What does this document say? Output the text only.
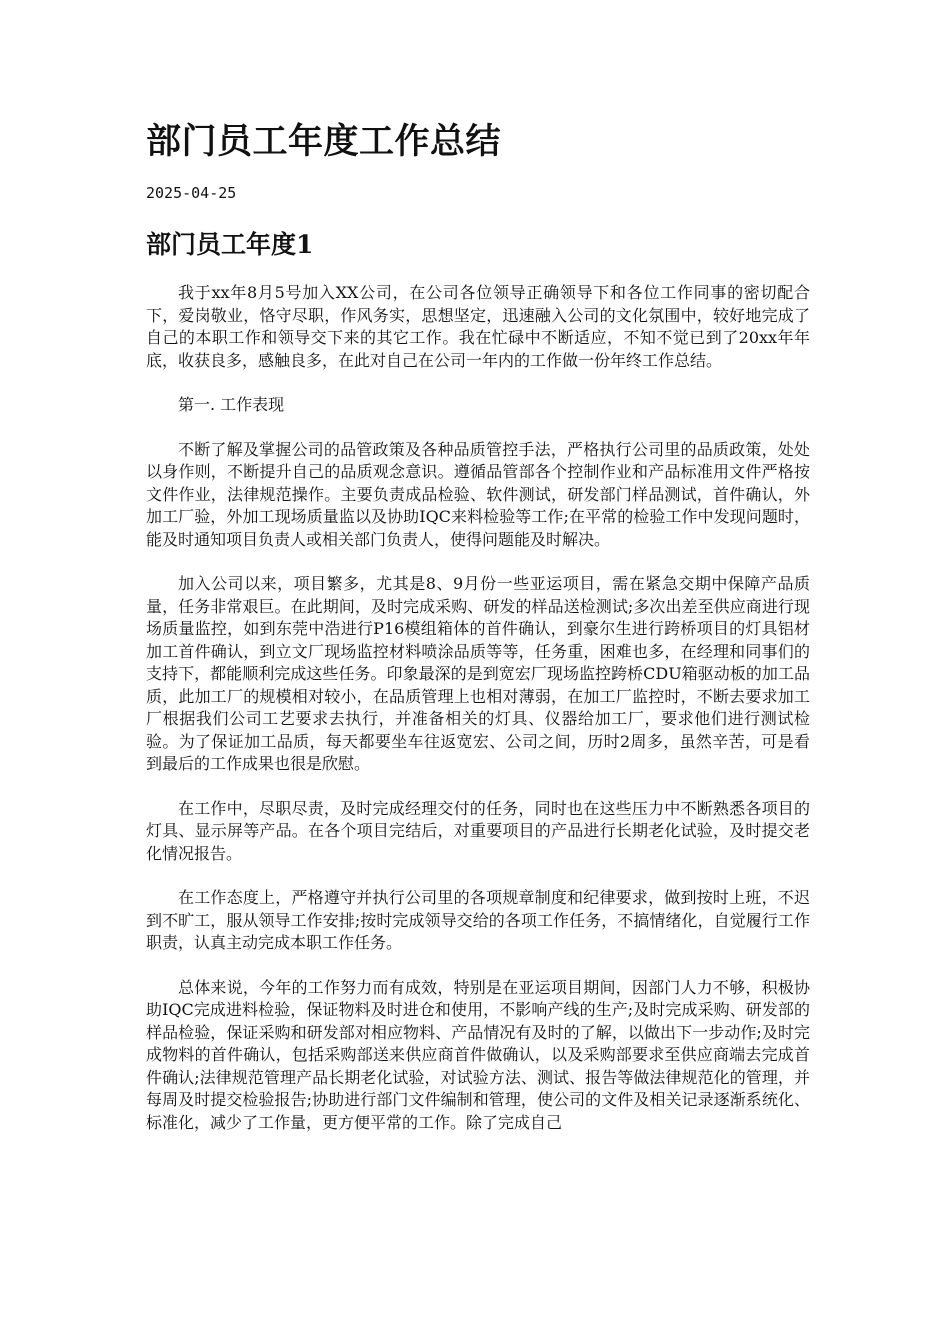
部门员工年度工作总结
2025-04-25
部门员工年度1

我于xx年8月5号加入XX公司，在公司各位领导正确领导下和各位工作同事的密切配合下，爱岗敬业，恪守尽职，作风务实，思想坚定，迅速融入公司的文化氛围中，较好地完成了自己的本职工作和领导交下来的其它工作。我在忙碌中不断适应，不知不觉已到了20xx年年底，收获良多，感触良多，在此对自己在公司一年内的工作做一份年终工作总结。

第一. 工作表现

不断了解及掌握公司的品管政策及各种品质管控手法，严格执行公司里的品质政策，处处以身作则，不断提升自己的品质观念意识。遵循品管部各个控制作业和产品标准用文件严格按文件作业，法律规范操作。主要负责成品检验、软件测试，研发部门样品测试，首件确认，外加工厂验，外加工现场质量监以及协助IQC来料检验等工作;在平常的检验工作中发现问题时，能及时通知项目负责人或相关部门负责人，使得问题能及时解决。

加入公司以来，项目繁多，尤其是8、9月份一些亚运项目，需在紧急交期中保障产品质量，任务非常艰巨。在此期间，及时完成采购、研发的样品送检测试;多次出差至供应商进行现场质量监控，如到东莞中浩进行P16模组箱体的首件确认，到豪尔生进行跨桥项目的灯具铝材加工首件确认，到立文厂现场监控材料喷涂品质等等，任务重，困难也多，在经理和同事们的支持下，都能顺利完成这些任务。印象最深的是到宽宏厂现场监控跨桥CDU箱驱动板的加工品质，此加工厂的规模相对较小，在品质管理上也相对薄弱，在加工厂监控时，不断去要求加工厂根据我们公司工艺要求去执行，并准备相关的灯具、仪器给加工厂，要求他们进行测试检验。为了保证加工品质，每天都要坐车往返宽宏、公司之间，历时2周多，虽然辛苦，可是看到最后的工作成果也很是欣慰。

在工作中，尽职尽责，及时完成经理交付的任务，同时也在这些压力中不断熟悉各项目的灯具、显示屏等产品。在各个项目完结后，对重要项目的产品进行长期老化试验，及时提交老化情况报告。

在工作态度上，严格遵守并执行公司里的各项规章制度和纪律要求，做到按时上班，不迟到不旷工，服从领导工作安排;按时完成领导交给的各项工作任务，不搞情绪化，自觉履行工作职责，认真主动完成本职工作任务。

总体来说，今年的工作努力而有成效，特别是在亚运项目期间，因部门人力不够，积极协助IQC完成进料检验，保证物料及时进仓和使用，不影响产线的生产;及时完成采购、研发部的样品检验，保证采购和研发部对相应物料、产品情况有及时的了解，以做出下一步动作;及时完成物料的首件确认，包括采购部送来供应商首件做确认，以及采购部要求至供应商端去完成首件确认;法律规范管理产品长期老化试验，对试验方法、测试、报告等做法律规范化的管理，并每周及时提交检验报告;协助进行部门文件编制和管理，使公司的文件及相关记录逐渐系统化、标准化，减少了工作量，更方便平常的工作。除了完成自己
